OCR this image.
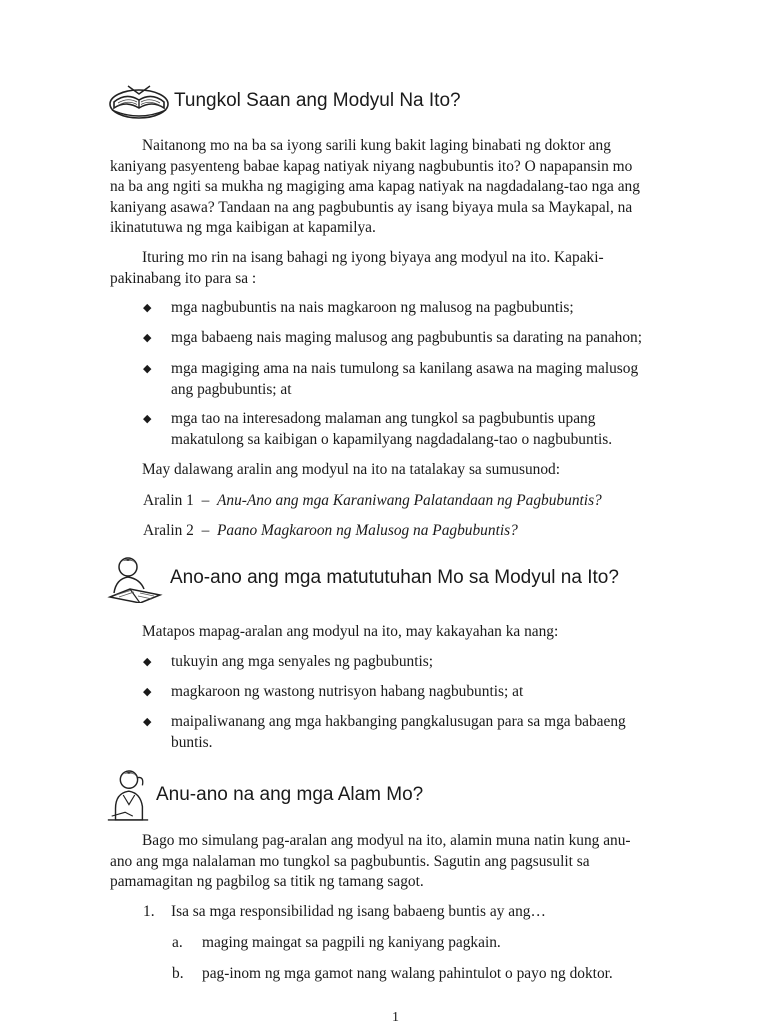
Tungkol Saan ang Modyul Na Ito?
Naitanong mo na ba sa iyong sarili kung bakit laging binabati ng doktor ang kaniyang pasyenteng babae kapag natiyak niyang nagbubuntis ito? O napapansin mo na ba ang ngiti sa mukha ng magiging ama kapag natiyak na nagdadalang-tao nga ang kaniyang asawa? Tandaan na ang pagbubuntis ay isang biyaya mula sa Maykapal, na ikinatutuwa ng mga kaibigan at kapamilya.
Ituring mo rin na isang bahagi ng iyong biyaya ang modyul na ito. Kapaki-pakinabang ito para sa :
◆ mga nagbubuntis na nais magkaroon ng malusog na pagbubuntis;
◆ mga babaeng nais maging malusog ang pagbubuntis sa darating na panahon;
◆ mga magiging ama na nais tumulong sa kanilang asawa na maging malusog ang pagbubuntis; at
◆ mga tao na interesadong malaman ang tungkol sa pagbubuntis upang makatulong sa kaibigan o kapamilyang nagdadalang-tao o nagbubuntis.
May dalawang aralin ang modyul na ito na tatalakay sa sumusunod:
Aralin 1 – Anu-Ano ang mga Karaniwang Palatandaan ng Pagbubuntis?
Aralin 2 – Paano Magkaroon ng Malusog na Pagbubuntis?
Ano-ano ang mga matututuhan Mo sa Modyul na Ito?
Matapos mapag-aralan ang modyul na ito, may kakayahan ka nang:
◆ tukuyin ang mga senyales ng pagbubuntis;
◆ magkaroon ng wastong nutrisyon habang nagbubuntis; at
◆ maipaliwanang ang mga hakbanging pangkalusugan para sa mga babaeng buntis.
Anu-ano na ang mga Alam Mo?
Bago mo simulang pag-aralan ang modyul na ito, alamin muna natin kung anu-ano ang mga nalalaman mo tungkol sa pagbubuntis. Sagutin ang pagsusulit sa pamamagitan ng pagbilog sa titik ng tamang sagot.
1. Isa sa mga responsibilidad ng isang babaeng buntis ay ang…
a. maging maingat sa pagpili ng kaniyang pagkain.
b. pag-inom ng mga gamot nang walang pahintulot o payo ng doktor.
1
